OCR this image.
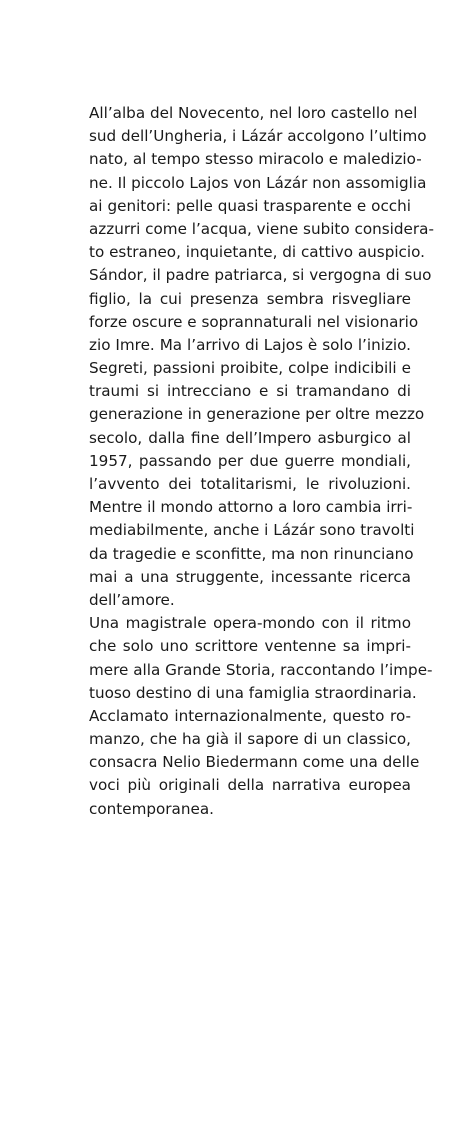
All’alba del Novecento, nel loro castello nel
sud dell’Ungheria, i Lázár accolgono l’ultimo
nato, al tempo stesso miracolo e maledizio-
ne. Il piccolo Lajos von Lázár non assomiglia
ai genitori: pelle quasi trasparente e occhi
azzurri come l’acqua, viene subito considera-
to estraneo, inquietante, di cattivo auspicio.
Sándor, il padre patriarca, si vergogna di suo
figlio, la cui presenza sembra risvegliare
forze oscure e soprannaturali nel visionario
zio Imre. Ma l’arrivo di Lajos è solo l’inizio.
Segreti, passioni proibite, colpe indicibili e
traumi si intrecciano e si tramandano di
generazione in generazione per oltre mezzo
secolo, dalla fine dell’Impero asburgico al
1957, passando per due guerre mondiali,
l’avvento dei totalitarismi, le rivoluzioni.
Mentre il mondo attorno a loro cambia irri-
mediabilmente, anche i Lázár sono travolti
da tragedie e sconfitte, ma non rinunciano
mai a una struggente, incessante ricerca
dell’amore.
Una magistrale opera-mondo con il ritmo
che solo uno scrittore ventenne sa impri-
mere alla Grande Storia, raccontando l’impe-
tuoso destino di una famiglia straordinaria.
Acclamato internazionalmente, questo ro-
manzo, che ha già il sapore di un classico,
consacra Nelio Biedermann come una delle
voci più originali della narrativa europea
contemporanea.
